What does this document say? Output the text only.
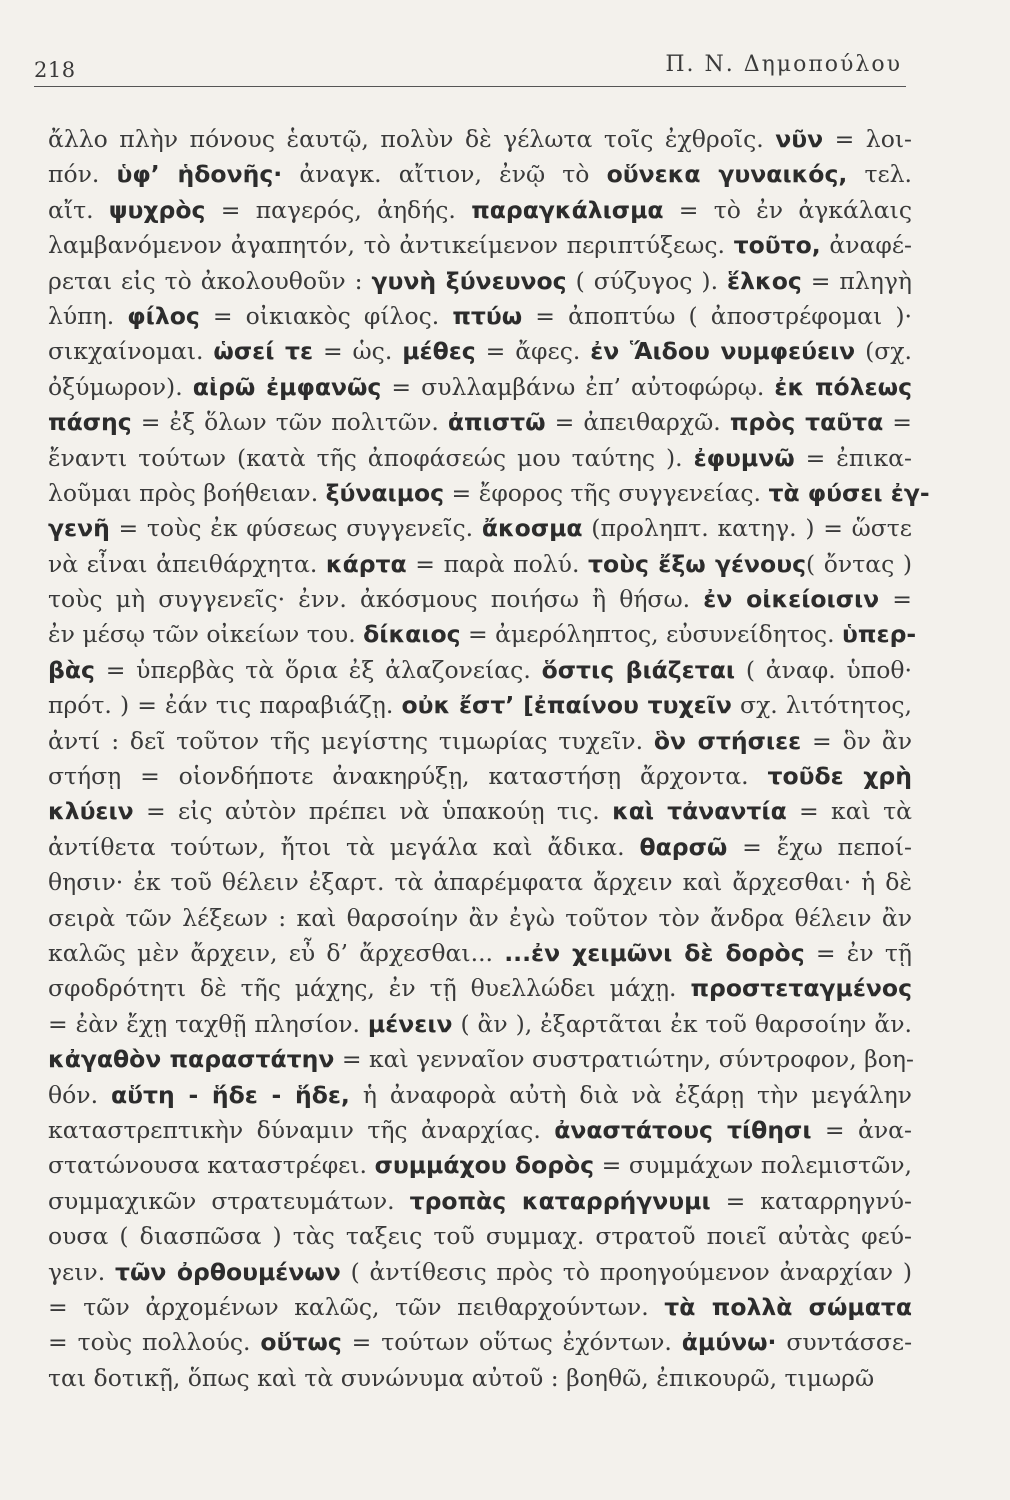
218	Π. Ν. Δημοπούλου
ἄλλο πλὴν πόνους ἑαυτῷ, πολὺν δὲ γέλωτα τοῖς ἐχθροῖς. νῦν = λοι-
πόν. ὑφ’ ἡδονῆς· ἀναγκ. αἴτιον, ἐνῷ τὸ οὕνεκα γυναικός, τελ.
αἴτ. ψυχρὸς = παγερός, ἀηδής. παραγκάλισμα = τὸ ἐν ἀγκάλαις
λαμβανόμενον ἀγαπητόν, τὸ ἀντικείμενον περιπτύξεως. τοῦτο, ἀναφέ-
ρεται εἰς τὸ ἀκολουθοῦν : γυνὴ ξύνευνος ( σύζυγος ). ἕλκος = πληγὴ
λύπη. φίλος = οἰκιακὸς φίλος. πτύω = ἀποπτύω ( ἀποστρέφομαι )·
σικχαίνομαι. ὡσεί τε = ὡς. μέθες = ἄφες. ἐν Ἅιδου νυμφεύειν (σχ.
ὀξύμωρον). αἱρῶ ἐμφανῶς = συλλαμβάνω ἐπ’ αὐτοφώρῳ. ἐκ πόλεως
πάσης = ἐξ ὅλων τῶν πολιτῶν. ἀπιστῶ = ἀπειθαρχῶ. πρὸς ταῦτα =
ἔναντι τούτων (κατὰ τῆς ἀποφάσεώς μου ταύτης ). ἐφυμνῶ = ἐπικα-
λοῦμαι πρὸς βοήθειαν. ξύναιμος = ἔφορος τῆς συγγενείας. τὰ φύσει ἐγ-
γενῆ = τοὺς ἐκ φύσεως συγγενεῖς. ἄκοσμα (προληπτ. κατηγ. ) = ὥστε
νὰ εἶναι ἀπειθάρχητα. κάρτα = παρὰ πολύ. τοὺς ἔξω γένους( ὄντας )
τοὺς μὴ συγγενεῖς· ἐνν. ἀκόσμους ποιήσω ἢ θήσω. ἐν οἰκείοισιν =
ἐν μέσῳ τῶν οἰκείων του. δίκαιος = ἀμερόληπτος, εὐσυνείδητος. ὑπερ-
βὰς = ὑπερβὰς τὰ ὅρια ἐξ ἀλαζονείας. ὅστις βιάζεται ( ἀναφ. ὑποθ·
πρότ. ) = ἐάν τις παραβιάζῃ. οὐκ ἔστ’ [ἐπαίνου τυχεῖν σχ. λιτότητος,
ἀντί : δεῖ τοῦτον τῆς μεγίστης τιμωρίας τυχεῖν. ὃν στήσιεε = ὃν ἂν
στήσῃ = οἱονδήποτε ἀνακηρύξῃ, καταστήσῃ ἄρχοντα. τοῦδε χρὴ
κλύειν = εἰς αὐτὸν πρέπει νὰ ὑπακούῃ τις. καὶ τἀναντία = καὶ τὰ
ἀντίθετα τούτων, ἤτοι τὰ μεγάλα καὶ ἄδικα. θαρσῶ = ἔχω πεποί-
θησιν· ἐκ τοῦ θέλειν ἐξαρτ. τὰ ἀπαρέμφατα ἄρχειν καὶ ἄρχεσθαι· ἡ δὲ
σειρὰ τῶν λέξεων : καὶ θαρσοίην ἂν ἐγὼ τοῦτον τὸν ἄνδρα θέλειν ἂν
καλῶς μὲν ἄρχειν, εὖ δ’ ἄρχεσθαι... ...ἐν χειμῶνι δὲ δορὸς = ἐν τῇ
σφοδρότητι δὲ τῆς μάχης, ἐν τῇ θυελλώδει μάχῃ. προστεταγμένος
= ἐὰν ἔχῃ ταχθῇ πλησίον. μένειν ( ἂν ), ἐξαρτᾶται ἐκ τοῦ θαρσοίην ἄν.
κἀγαθὸν παραστάτην = καὶ γενναῖον συστρατιώτην, σύντροφον, βοη-
θόν. αὕτη - ἥδε - ἥδε, ἡ ἀναφορὰ αὐτὴ διὰ νὰ ἐξάρῃ τὴν μεγάλην
καταστρεπτικὴν δύναμιν τῆς ἀναρχίας. ἀναστάτους τίθησι = ἀνα-
στατώνουσα καταστρέφει. συμμάχου δορὸς = συμμάχων πολεμιστῶν,
συμμαχικῶν στρατευμάτων. τροπὰς καταρρήγνυμι = καταρρηγνύ-
ουσα ( διασπῶσα ) τὰς ταξεις τοῦ συμμαχ. στρατοῦ ποιεῖ αὐτὰς φεύ-
γειν. τῶν ὀρθουμένων ( ἀντίθεσις πρὸς τὸ προηγούμενον ἀναρχίαν )
= τῶν ἀρχομένων καλῶς, τῶν πειθαρχούντων. τὰ πολλὰ σώματα
= τοὺς πολλούς. οὕτως = τούτων οὕτως ἐχόντων. ἀμύνω· συντάσσε-
ται δοτικῇ, ὅπως καὶ τὰ συνώνυμα αὐτοῦ : βοηθῶ, ἐπικουρῶ, τιμωρῶ
